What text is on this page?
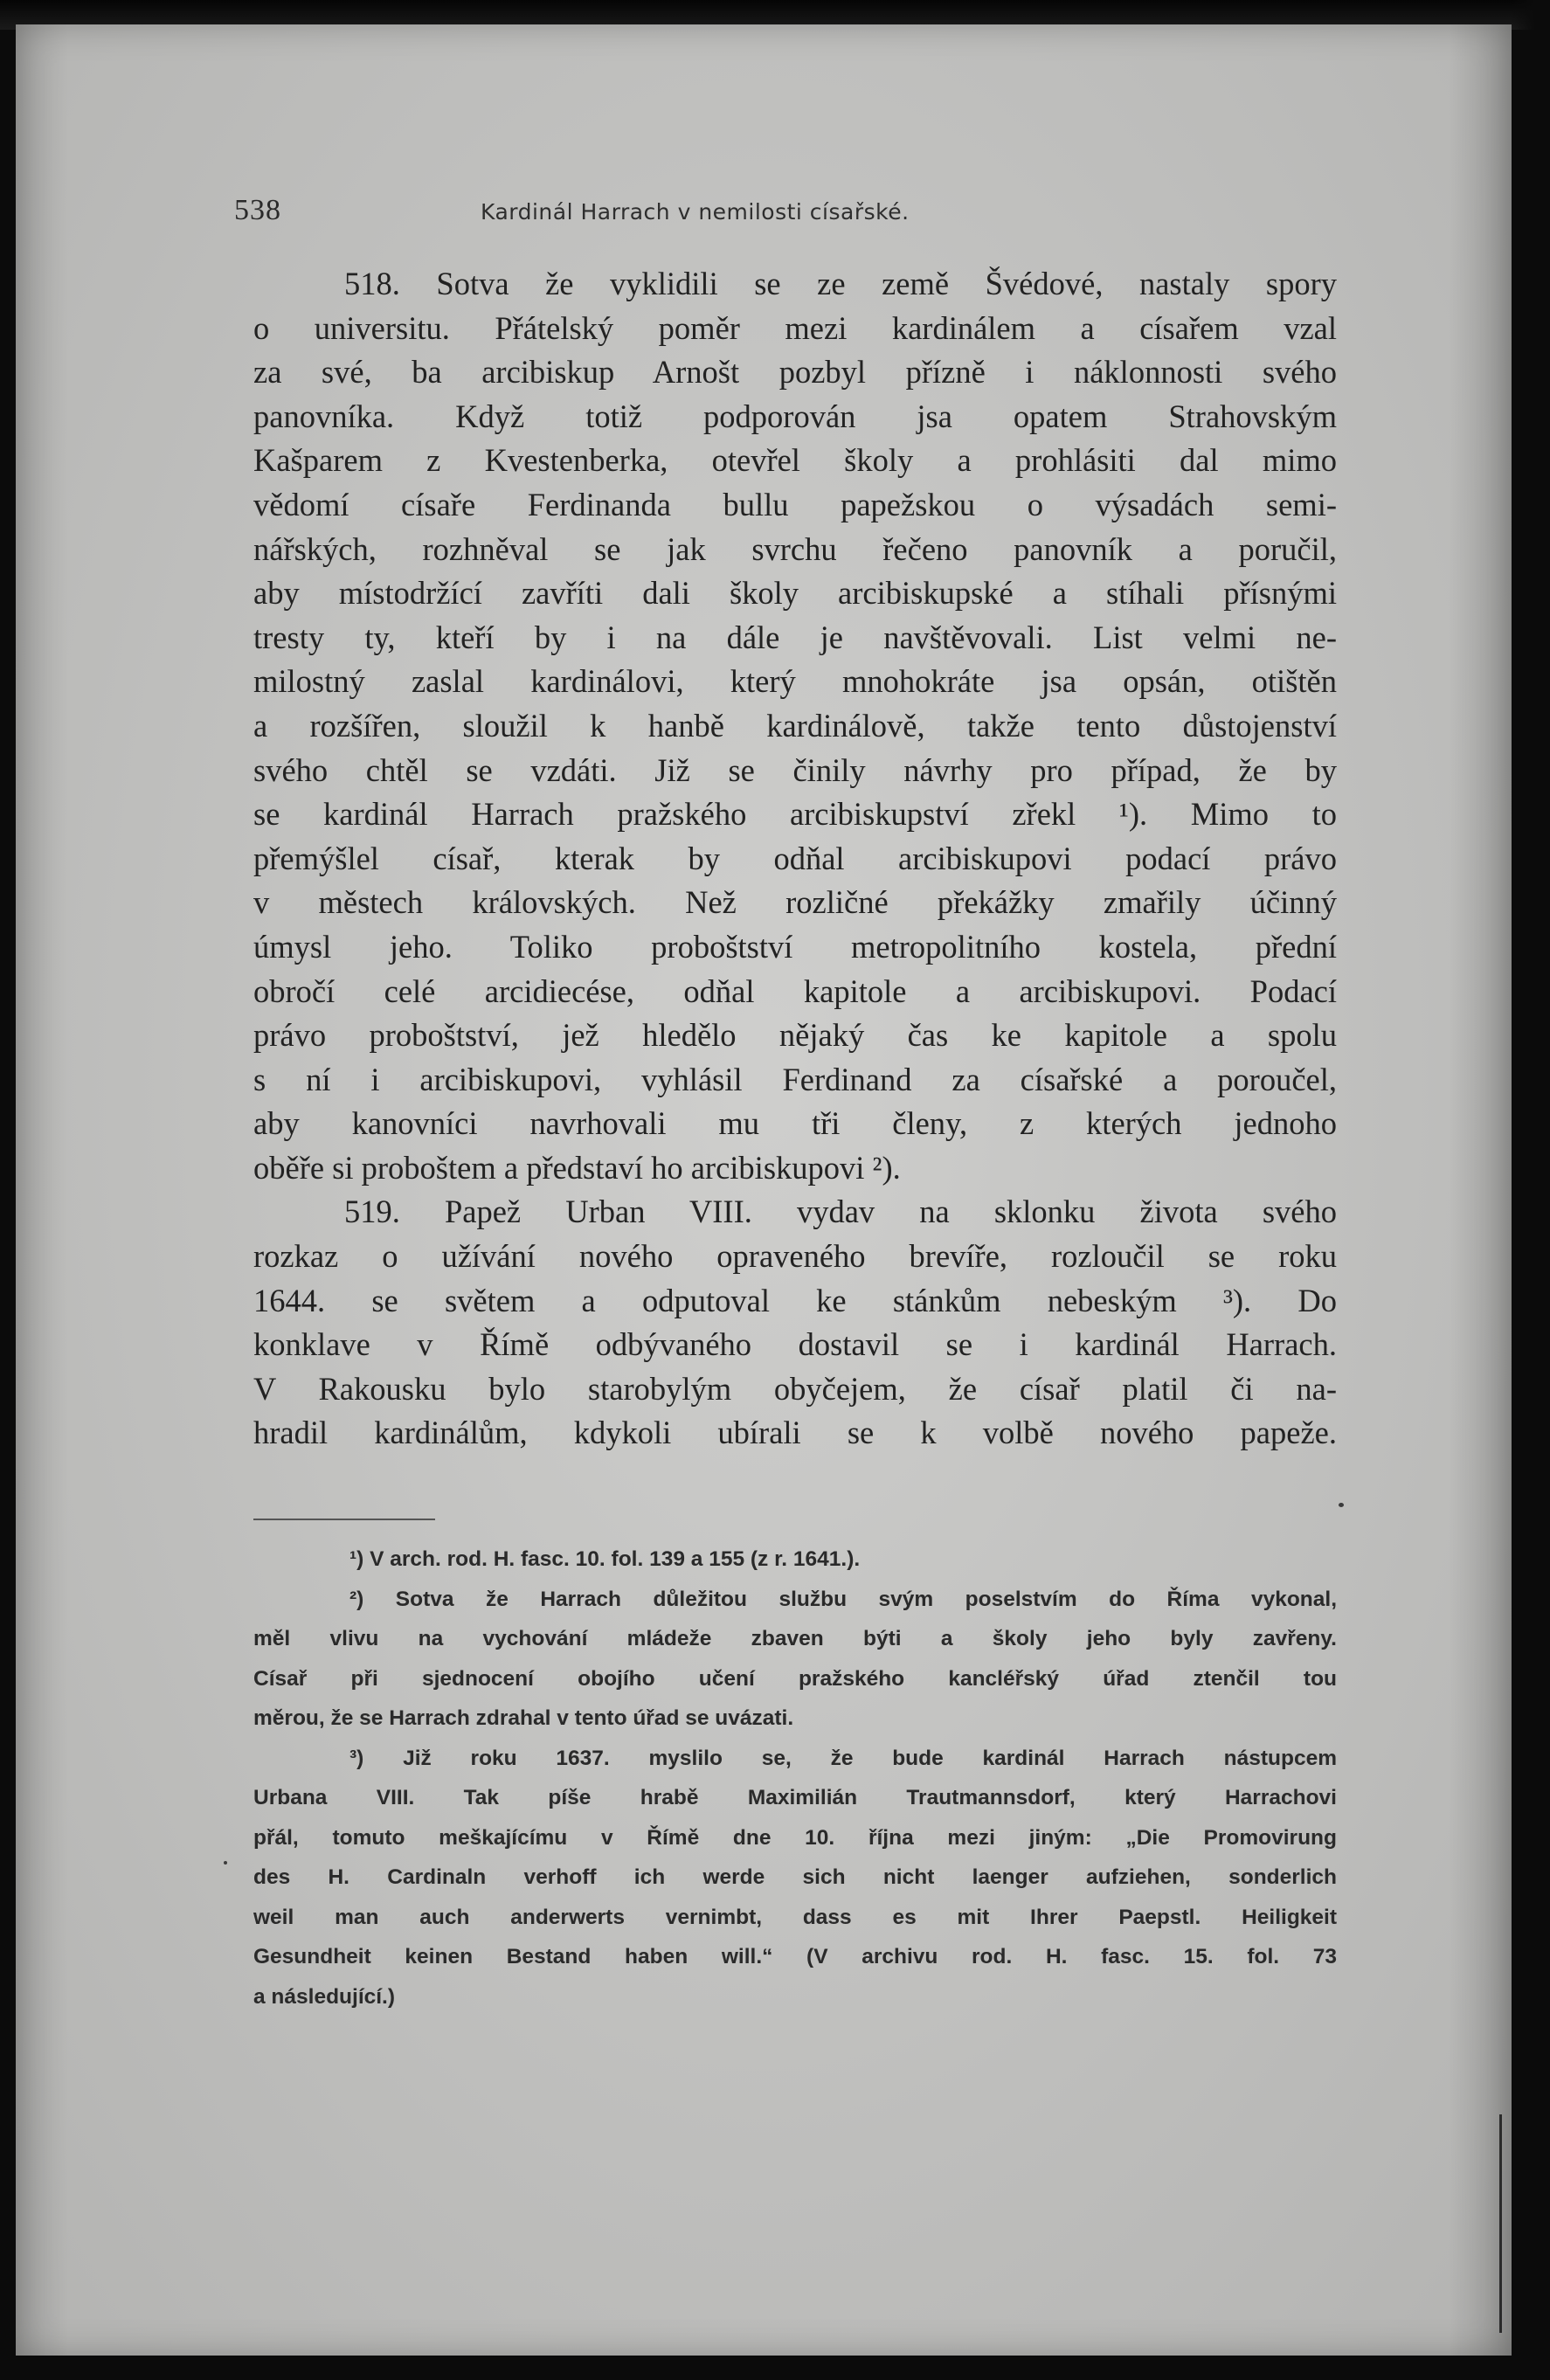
538	Kardinál Harrach v nemilosti císařské.
518. Sotva že vyklidili se ze země Švédové, nastaly spory
o universitu. Přátelský poměr mezi kardinálem a císařem vzal
za své, ba arcibiskup Arnošt pozbyl přízně i náklonnosti svého
panovníka. Když totiž podporován jsa opatem Strahovským
Kašparem z Kvestenberka, otevřel školy a prohlásiti dal mimo
vědomí císaře Ferdinanda bullu papežskou o výsadách semi-
nářských, rozhněval se jak svrchu řečeno panovník a poručil,
aby místodržící zavříti dali školy arcibiskupské a stíhali přísnými
tresty ty, kteří by i na dále je navštěvovali. List velmi ne-
milostný zaslal kardinálovi, který mnohokráte jsa opsán, otištěn
a rozšířen, sloužil k hanbě kardinálově, takže tento důstojenství
svého chtěl se vzdáti. Již se činily návrhy pro případ, že by
se kardinál Harrach pražského arcibiskupství zřekl ¹). Mimo to
přemýšlel císař, kterak by odňal arcibiskupovi podací právo
v městech královských. Než rozličné překážky zmařily účinný
úmysl jeho. Toliko proboštství metropolitního kostela, přední
obročí celé arcidiecése, odňal kapitole a arcibiskupovi. Podací
právo proboštství, jež hledělo nějaký čas ke kapitole a spolu
s ní i arcibiskupovi, vyhlásil Ferdinand za císařské a poroučel,
aby kanovníci navrhovali mu tři členy, z kterých jednoho
oběře si proboštem a představí ho arcibiskupovi ²).
519. Papež Urban VIII. vydav na sklonku života svého
rozkaz o užívání nového opraveného brevíře, rozloučil se roku
1644. se světem a odputoval ke stánkům nebeským ³). Do
konklave v Římě odbývaného dostavil se i kardinál Harrach.
V Rakousku bylo starobylým obyčejem, že císař platil či na-
hradil kardinálům, kdykoli ubírali se k volbě nového papeže.
¹) V arch. rod. H. fasc. 10. fol. 139 a 155 (z r. 1641.).
²) Sotva že Harrach důležitou službu svým poselstvím do Říma vykonal,
měl vlivu na vychování mládeže zbaven býti a školy jeho byly zavřeny.
Císař při sjednocení obojího učení pražského kancléřský úřad ztenčil tou
měrou, že se Harrach zdrahal v tento úřad se uvázati.
³) Již roku 1637. myslilo se, že bude kardinál Harrach nástupcem
Urbana VIII. Tak píše hrabě Maximilián Trautmannsdorf, který Harrachovi
přál, tomuto meškajícímu v Římě dne 10. října mezi jiným: „Die Promovirung
des H. Cardinaln verhoff ich werde sich nicht laenger aufziehen, sonderlich
weil man auch anderwerts vernimbt, dass es mit Ihrer Paepstl. Heiligkeit
Gesundheit keinen Bestand haben will.“ (V archivu rod. H. fasc. 15. fol. 73
a následující.)
